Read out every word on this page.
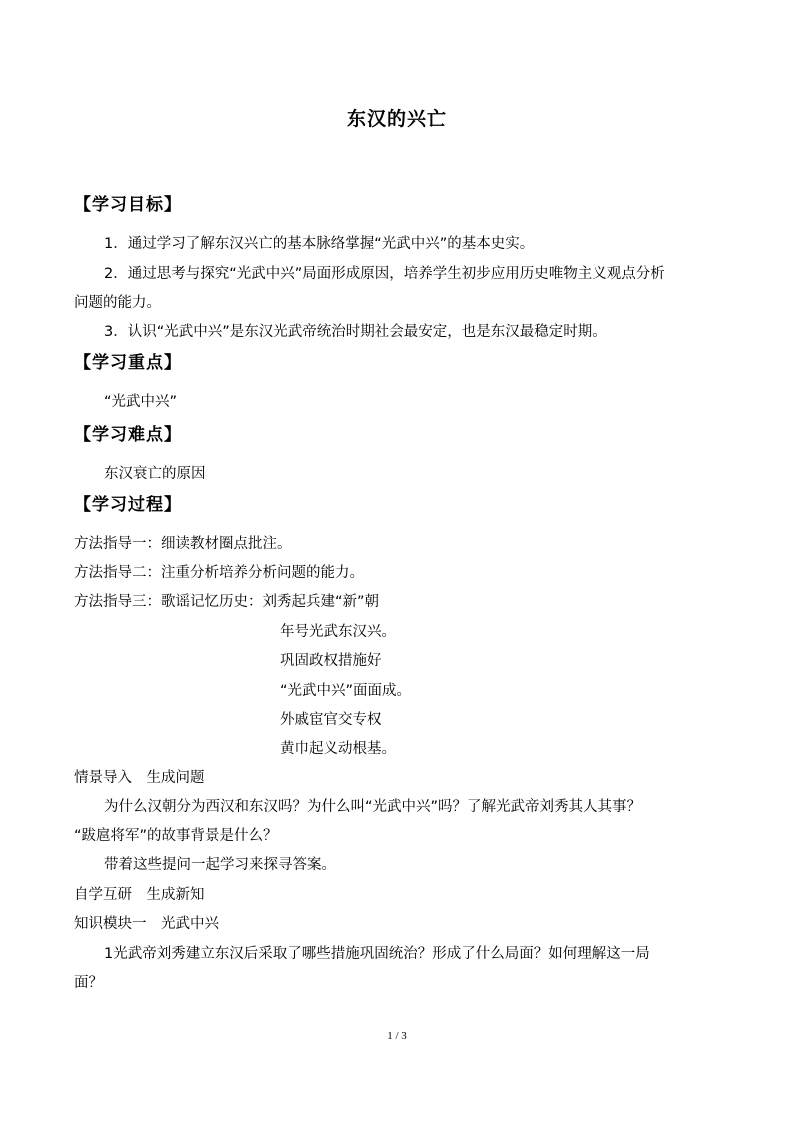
东汉的兴亡
【学习目标】
1．通过学习了解东汉兴亡的基本脉络掌握“光武中兴”的基本史实。
2．通过思考与探究“光武中兴”局面形成原因，培养学生初步应用历史唯物主义观点分析
问题的能力。
3．认识“光武中兴”是东汉光武帝统治时期社会最安定，也是东汉最稳定时期。
【学习重点】
“光武中兴”
【学习难点】
东汉衰亡的原因
【学习过程】
方法指导一：细读教材圈点批注。
方法指导二：注重分析培养分析问题的能力。
方法指导三：歌谣记忆历史：刘秀起兵建“新”朝
年号光武东汉兴。
巩固政权措施好
“光武中兴”面面成。
外戚宦官交专权
黄巾起义动根基。
情景导入　生成问题
为什么汉朝分为西汉和东汉吗？为什么叫“光武中兴”吗？了解光武帝刘秀其人其事？
“跋扈将军”的故事背景是什么？
带着这些提问一起学习来探寻答案。
自学互研　生成新知
知识模块一　光武中兴
1光武帝刘秀建立东汉后采取了哪些措施巩固统治？形成了什么局面？如何理解这一局
面？
1 / 3
